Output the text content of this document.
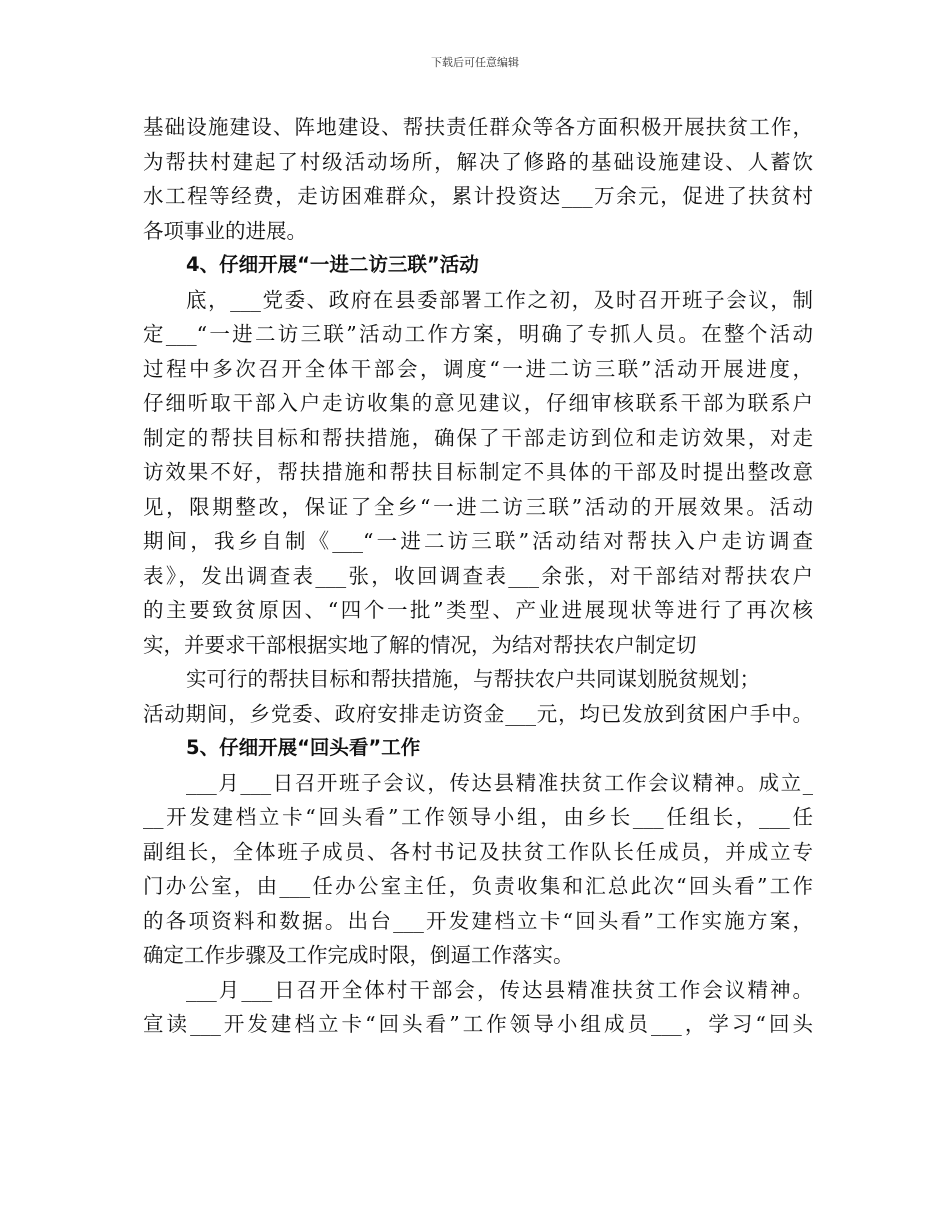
下载后可任意编辑
基础设施建设、阵地建设、帮扶责任群众等各方面积极开展扶贫工作，
为帮扶村建起了村级活动场所，解决了修路的基础设施建设、人蓄饮
水工程等经费，走访困难群众，累计投资达___万余元，促进了扶贫村
各项事业的进展。
4、仔细开展“一进二访三联”活动
底，___党委、政府在县委部署工作之初，及时召开班子会议，制
定___“一进二访三联”活动工作方案，明确了专抓人员。在整个活动
过程中多次召开全体干部会，调度“一进二访三联”活动开展进度，
仔细听取干部入户走访收集的意见建议，仔细审核联系干部为联系户
制定的帮扶目标和帮扶措施，确保了干部走访到位和走访效果，对走
访效果不好，帮扶措施和帮扶目标制定不具体的干部及时提出整改意
见，限期整改，保证了全乡“一进二访三联”活动的开展效果。活动
期间，我乡自制《___“一进二访三联”活动结对帮扶入户走访调查
表》，发出调查表___张，收回调查表___余张，对干部结对帮扶农户
的主要致贫原因、“四个一批”类型、产业进展现状等进行了再次核
实，并要求干部根据实地了解的情况，为结对帮扶农户制定切
实可行的帮扶目标和帮扶措施，与帮扶农户共同谋划脱贫规划；
活动期间，乡党委、政府安排走访资金___元，均已发放到贫困户手中。
5、仔细开展“回头看”工作
___月___日召开班子会议，传达县精准扶贫工作会议精神。成立_
__开发建档立卡“回头看”工作领导小组，由乡长___任组长，___任
副组长，全体班子成员、各村书记及扶贫工作队长任成员，并成立专
门办公室，由___任办公室主任，负责收集和汇总此次“回头看”工作
的各项资料和数据。出台___开发建档立卡“回头看”工作实施方案，
确定工作步骤及工作完成时限，倒逼工作落实。
___月___日召开全体村干部会，传达县精准扶贫工作会议精神。
宣读___开发建档立卡“回头看”工作领导小组成员___，学习“回头
